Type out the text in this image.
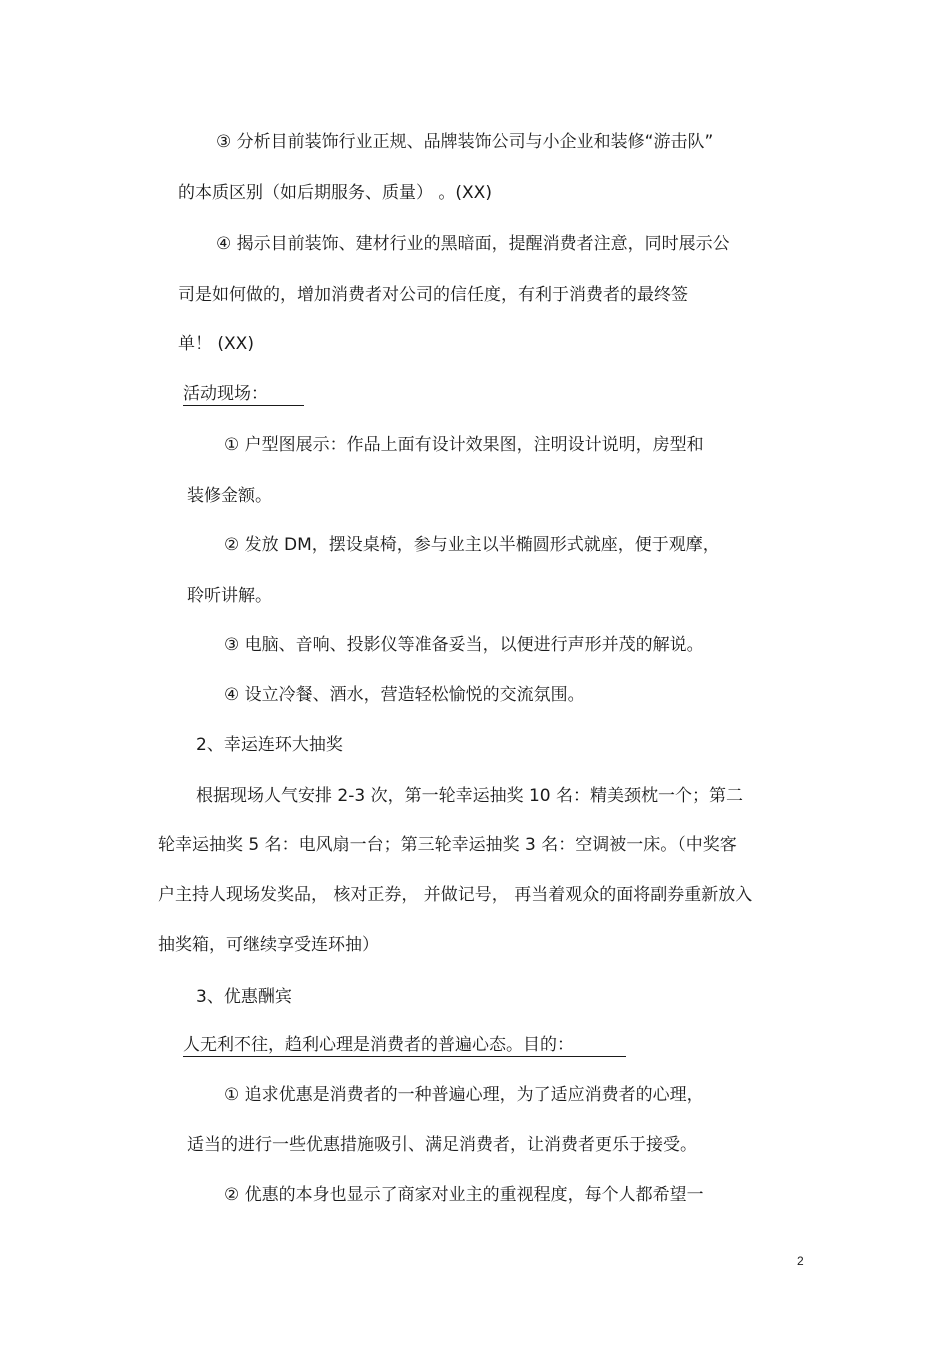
③ 分析目前装饰行业正规、品牌装饰公司与小企业和装修“游击队”
的本质区别（如后期服务、质量） 。(XX)
④ 揭示目前装饰、建材行业的黑暗面，提醒消费者注意，同时展示公
司是如何做的，增加消费者对公司的信任度，有利于消费者的最终签
单！ (XX)
活动现场：
① 户型图展示：作品上面有设计效果图，注明设计说明，房型和
装修金额。
② 发放 DM，摆设桌椅，参与业主以半椭圆形式就座，便于观摩，
聆听讲解。
③ 电脑、音响、投影仪等准备妥当，以便进行声形并茂的解说。
④ 设立冷餐、酒水，营造轻松愉悦的交流氛围。
2、幸运连环大抽奖
根据现场人气安排 2-3 次，第一轮幸运抽奖 10 名：精美颈枕一个；第二
轮幸运抽奖 5 名：电风扇一台；第三轮幸运抽奖 3 名：空调被一床。（中奖客
户主持人现场发奖品， 核对正券， 并做记号， 再当着观众的面将副券重新放入
抽奖箱，可继续享受连环抽）
3、优惠酬宾
人无利不往，趋利心理是消费者的普遍心态。目的：
① 追求优惠是消费者的一种普遍心理，为了适应消费者的心理，
适当的进行一些优惠措施吸引、满足消费者，让消费者更乐于接受。
② 优惠的本身也显示了商家对业主的重视程度，每个人都希望一
2
